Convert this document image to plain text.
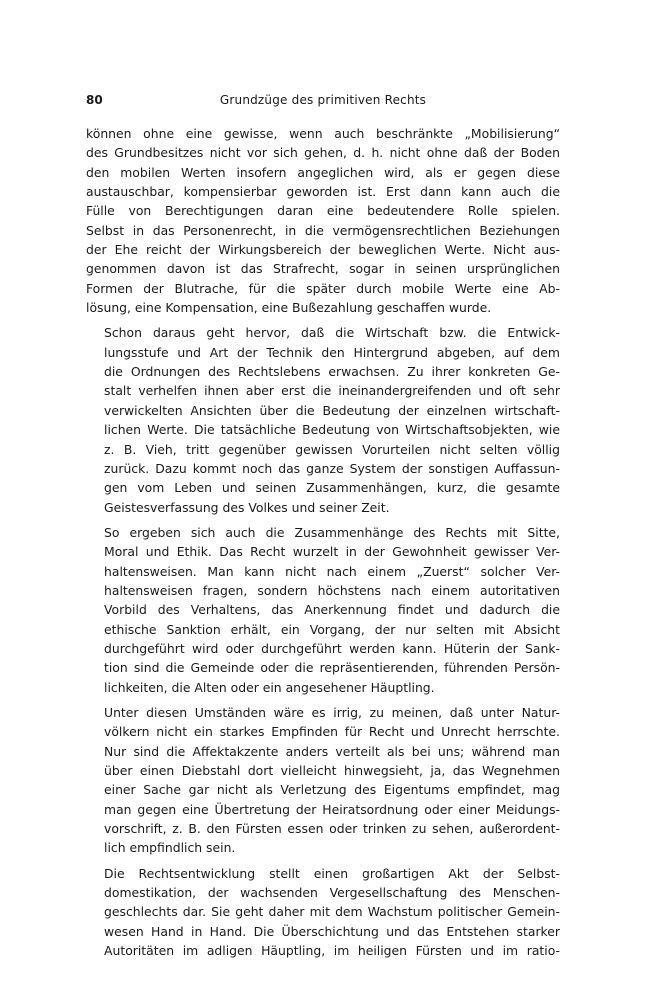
80	Grundzüge des primitiven Rechts

können ohne eine gewisse, wenn auch beschränkte „Mobilisierung“
des Grundbesitzes nicht vor sich gehen, d. h. nicht ohne daß der Boden
den mobilen Werten insofern angeglichen wird, als er gegen diese
austauschbar, kompensierbar geworden ist. Erst dann kann auch die
Fülle von Berechtigungen daran eine bedeutendere Rolle spielen.
Selbst in das Personenrecht, in die vermögensrechtlichen Beziehungen
der Ehe reicht der Wirkungsbereich der beweglichen Werte. Nicht aus-
genommen davon ist das Strafrecht, sogar in seinen ursprünglichen
Formen der Blutrache, für die später durch mobile Werte eine Ab-
lösung, eine Kompensation, eine Bußezahlung geschaffen wurde.

Schon daraus geht hervor, daß die Wirtschaft bzw. die Entwick-
lungsstufe und Art der Technik den Hintergrund abgeben, auf dem
die Ordnungen des Rechtslebens erwachsen. Zu ihrer konkreten Ge-
stalt verhelfen ihnen aber erst die ineinandergreifenden und oft sehr
verwickelten Ansichten über die Bedeutung der einzelnen wirtschaft-
lichen Werte. Die tatsächliche Bedeutung von Wirtschaftsobjekten, wie
z. B. Vieh, tritt gegenüber gewissen Vorurteilen nicht selten völlig
zurück. Dazu kommt noch das ganze System der sonstigen Auffassun-
gen vom Leben und seinen Zusammenhängen, kurz, die gesamte
Geistesverfassung des Volkes und seiner Zeit.

So ergeben sich auch die Zusammenhänge des Rechts mit Sitte,
Moral und Ethik. Das Recht wurzelt in der Gewohnheit gewisser Ver-
haltensweisen. Man kann nicht nach einem „Zuerst“ solcher Ver-
haltensweisen fragen, sondern höchstens nach einem autoritativen
Vorbild des Verhaltens, das Anerkennung findet und dadurch die
ethische Sanktion erhält, ein Vorgang, der nur selten mit Absicht
durchgeführt wird oder durchgeführt werden kann. Hüterin der Sank-
tion sind die Gemeinde oder die repräsentierenden, führenden Persön-
lichkeiten, die Alten oder ein angesehener Häuptling.

Unter diesen Umständen wäre es irrig, zu meinen, daß unter Natur-
völkern nicht ein starkes Empfinden für Recht und Unrecht herrschte.
Nur sind die Affektakzente anders verteilt als bei uns; während man
über einen Diebstahl dort vielleicht hinwegsieht, ja, das Wegnehmen
einer Sache gar nicht als Verletzung des Eigentums empfindet, mag
man gegen eine Übertretung der Heiratsordnung oder einer Meidungs-
vorschrift, z. B. den Fürsten essen oder trinken zu sehen, außerordent-
lich empfindlich sein.

Die Rechtsentwicklung stellt einen großartigen Akt der Selbst-
domestikation, der wachsenden Vergesellschaftung des Menschen-
geschlechts dar. Sie geht daher mit dem Wachstum politischer Gemein-
wesen Hand in Hand. Die Überschichtung und das Entstehen starker
Autoritäten im adligen Häuptling, im heiligen Fürsten und im ratio-
